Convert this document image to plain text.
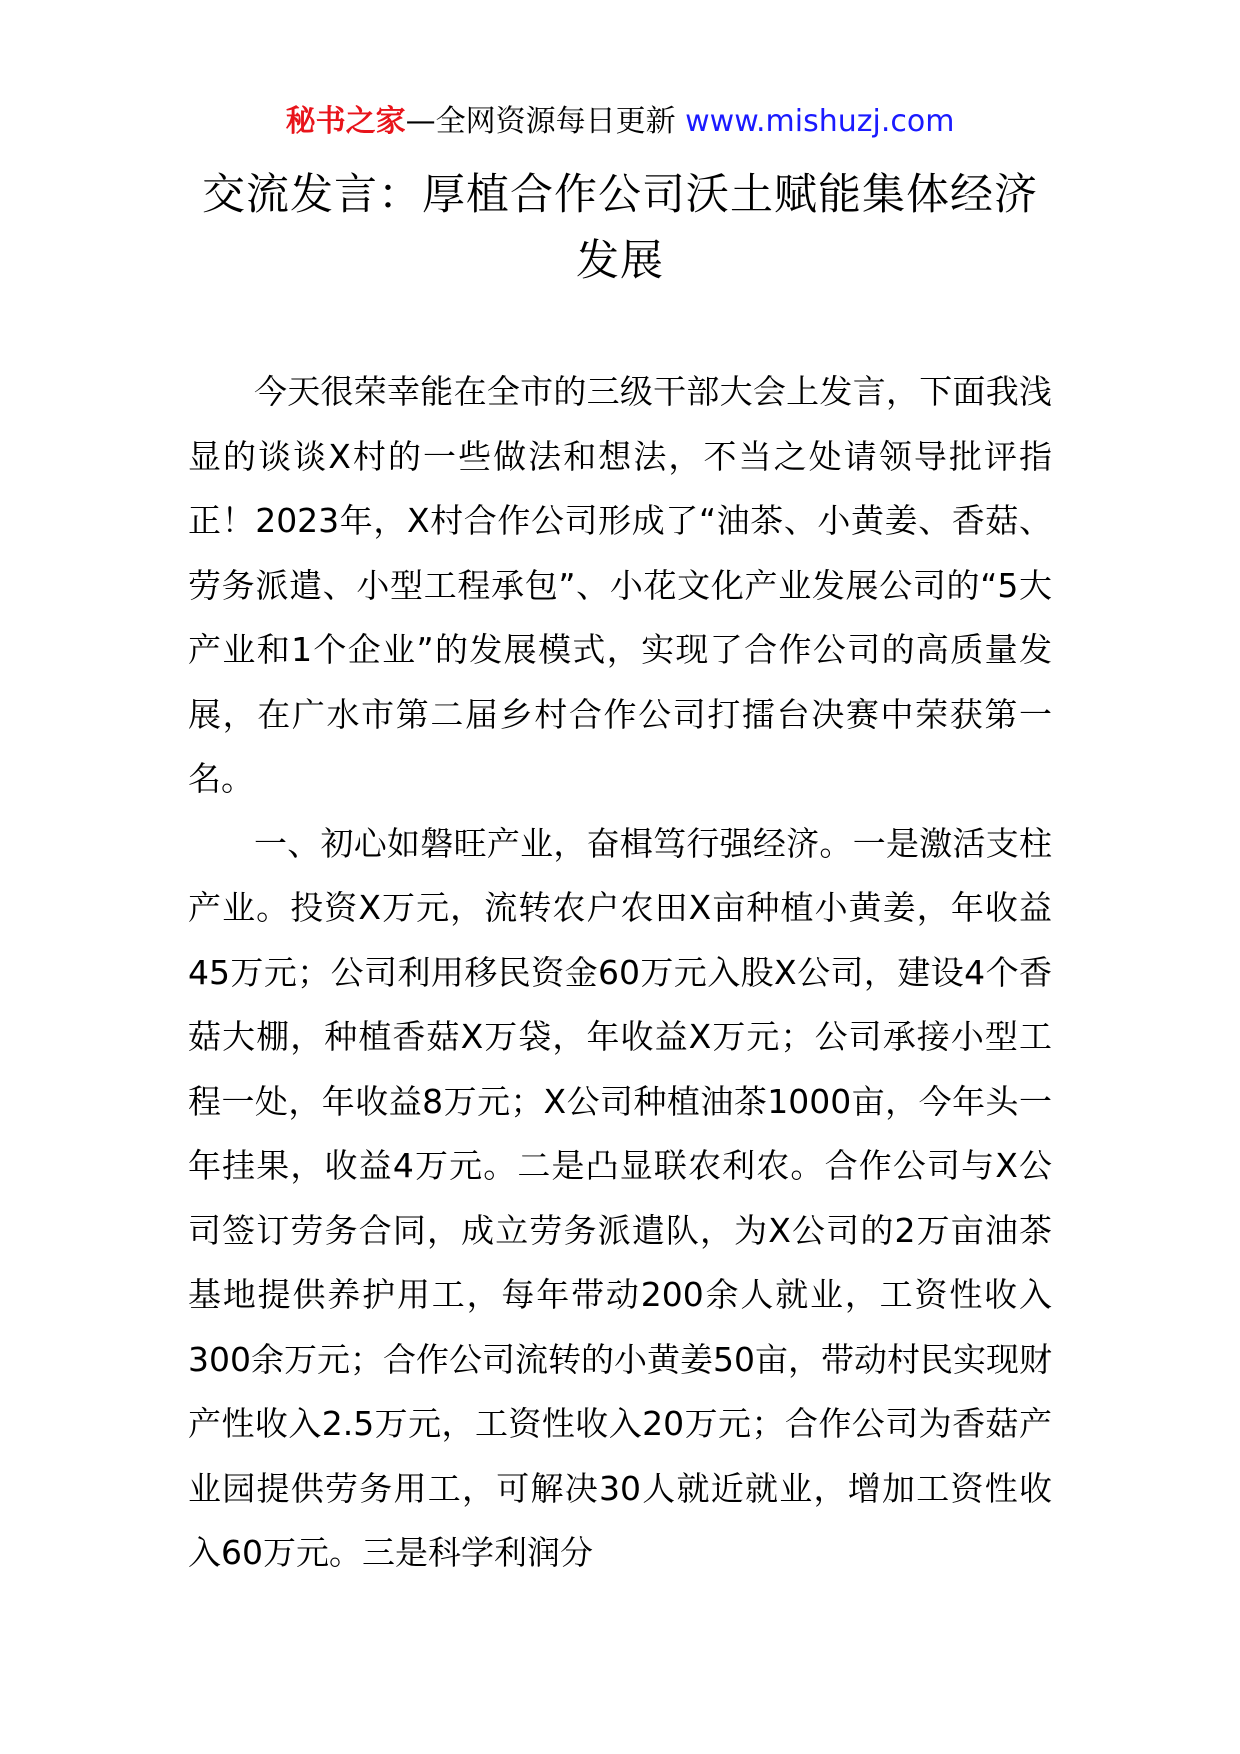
秘书之家—全网资源每日更新 www.mishuzj.com
交流发言：厚植合作公司沃土赋能集体经济发展

今天很荣幸能在全市的三级干部大会上发言，下面我浅显的谈谈X村的一些做法和想法，不当之处请领导批评指正！2023年，X村合作公司形成了“油茶、小黄姜、香菇、劳务派遣、小型工程承包”、小花文化产业发展公司的“5大产业和1个企业”的发展模式，实现了合作公司的高质量发展，在广水市第二届乡村合作公司打擂台决赛中荣获第一名。

一、初心如磐旺产业，奋楫笃行强经济。一是激活支柱产业。投资X万元，流转农户农田X亩种植小黄姜，年收益45万元；公司利用移民资金60万元入股X公司，建设4个香菇大棚，种植香菇X万袋，年收益X万元；公司承接小型工程一处，年收益8万元；X公司种植油茶1000亩，今年头一年挂果，收益4万元。二是凸显联农利农。合作公司与X公司签订劳务合同，成立劳务派遣队，为X公司的2万亩油茶基地提供养护用工，每年带动200余人就业，工资性收入300余万元；合作公司流转的小黄姜50亩，带动村民实现财产性收入2.5万元，工资性收入20万元；合作公司为香菇产业园提供劳务用工，可解决30人就近就业，增加工资性收入60万元。三是科学利润分
